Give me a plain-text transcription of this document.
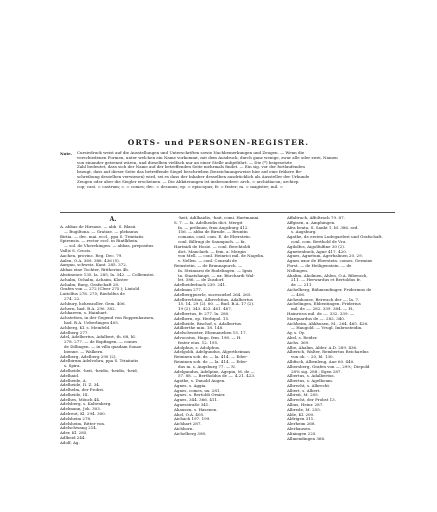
ORTS- und PERSONEN-REGISTER.
Note. Cursivdruck weist auf die Ausstellungen und Unterschriften sowie Nachbemerkungen und Zeugen. — Wenn die
verschiedenen Formen, unter welchen ein Name vorkommt, mit dem Ausdruck, durch ganz wenige, zwar alle oder zwei, Namen
von einander getrennt wären, und dieselben vielfach nur an einer Stelle aufgeführt. — Die (*) beigesetzte
Zahl bedeutet, dass sich der Name auf der betreffenden Seite mehrmals findet. — Ein sig. vor der fortlaufenden
bezugt, dass auf dieser Seite das betreffende Siegel beschrieben (bezeichnungsweise hier auf eine frühere Be-
schreibung desselben verwiesen) wird, sei es dass der Inhaber desselben ausdrücklich als Aussteller der Urkunde
Zeugen oder aber die Siegler erscheinen. — Die Abkürzungen ist insbesondere: arch. = archidiacon; archiep
cop; cast. = castrum; c. = comes; dec. = decanus; ep. = episcopus; fr. = frater; m. = magister; mil. =
A.
A. abbas de Hirsaue. — abb. S. Blasii.
— Bugiltona. — Gratiae. — plebanus
Birtia. — dec. mai. eccl., ppa S. Trinitatis
Spirensis. — rector eccl. in Rintlkhein.
— sol. de Vherehingen. — abbas, prepositus
Vallis S. Crucis.
Aachen, provinc. Reg. Dec. 79.
Aalen, O.A. 369. 388. 436 (5).
Aargau, schweiz. Kant. 285. 372.
Abbas eine Tochter, Rittherius 4b.
Abstinence 135, la. 285, la. 342. — Colbenstei.
Achalm, Ochalm, Achaim, Kloster
Achalm, Burg, Grafschaft 28.
Grafen von — 272 (Cleer 275.); Liutold
Luitolfus 278. 275; Riedolfus de
274. 22.
Achbury, hohenzoller. Gem. 406.
Achern, bad. B.A. 290. 382.
Achkarren, s. Hainhart.
Achstetten, in der Gegend von Roppenhausen,
bad. B.A. Ueberlingen 405.
Achberg, Kl. s. Meinfeld.
Adelberg 277.
Adel, Adelbertus, Adalbert, th. 68, hl.
278. 277. — de Bopfingen. — comes
de Dillingen. — in villa quadam Sonae
bienne. — Walkern.
Adelberg, Adelberg 290 (2).
Adelbirum Adelvohra, ppa S. Trinitatis
s. Spira.
Adelheide, -heit, -heidis, -heidis, -heid,
Adelhaid.
Adelheide, A.
Adelheide, II. Z. 34.
Adelhelm, der Probst.
Adelheide, III.
Adelhes, Mönch 44.
Adelsberg, s. Kaltenberg.
Adelmann, Joh. 303.
Adelreut, Kl. 294. 300.
Adelsheim 278.
Adelsheim, Ritter von.
Adelschwang 214.
Ader, Kl. 285.
Adlheid 244.
Adolf, Ag.
-heit, Adilhaidis, -hait, comi. Hartmanni
S. 7. — fa. Adelheidis dict. Mergit
fa. — pröbnau, frau Augsburg 412.
156. — abba de Birnde. — Bruntin
comana, conl. com. E. de Eberstein.
conl. Billrugi de Sanmpach. — fa.
Hartnidi de Hosie. — conl. Berchtoldi
dict. Manclaeb. — fem. a. Mergin
von Mell. — conl. Heinrici mil. de Nagelin.
v. Nellen. — conl. Conradi de
Reinstetin. — de Brunnapurch. —
fa. Steimarsi de Rudelingen. — Ignis
ta. Staatshaupt. — ux. Bürchardi Wal-
let. 386. — de Zusdorf.
Adelheiderbach 239. 241.
Adelman 277.
Adelbergpuerle, sucessiebel 264. 265.
Adelbrechtius, Albrechtius, Adalbertus
15. 14. 29 (2). 60. — Bud. B.A. 17 (2).
19 (2). 343. 423. 461. 467.
Adelbertus, fr. 277. la. 280.
Adelbern, ep. Herbipol. 15.
Adelheide, Bischof, s. Adalbertus.
Adilberthe min. 18. 148.
Adelschwieter, Ehemaneben 15. 17.
Advocatus, Hugo, fem. 198. — H.
frater eius. 12. 195.
Adolphus, s. Adolphus.
Adelgoldi, Adelgundus, Algertheiman
Reininen sob. dr. — la. 414. — Eder-
Reininen sob. dr. — la. 414. — Eder-
dus m. s. Augsburg 77. — N.
Adelgundus, Adelpine, Agepin, M. de —
57. 88. — Bertholdus de —. 4.21. 423.
Agathe, s. Danold Augen.
Agnes, s. Aggia.
Agnes, comes, ux. 281.
Agnes, s. Bertoldi Ornier.
Agnes, 344. 366. 411.
Agnesstraße 341.
Ahausen, s. Hasenen.
Ahel, O.A. 405.
Aichach 197. 199.
Aichhart 287.
Aichhorn.
Aichelberg 398.
Affaltrach, Affoltrach 79. 87.
Affgisen, a. Amphingen.
Afra beata, S. Sankt 1. bl. 386. sed.
s. Augsburg.
Agathe, de ersten Ludegardest und Grafschaft.
conl. com. Berthold de Vra.
Agilolfos, Aigolfulfine 30 (2).
Agnetenbuck, Agne 417. 420.
Agnes, Agnetum, Agerbalinen 20. 29.
Agnes uxor de Eberstein. comes. Germine
Forst. — de Heiligenstein. — de
Nellingen.
Ahalim, Aholmen, Ahlen, O.A. Biberach,
211. — Herwardus et Bertoldus fr.
de —. 211.
Aichelberg, Bühmendinger, Friderinus de
— 406.
Aichenhouse, Berwach der —, la. 7.
Aichelingen, Ebbentingen, Friderius
mil. de —. 282. 339. 384. — H.,
Hainricus mil. de —. 332. 339. —
Marquardus de —. 282. 340.
Aichheim, Ahkhusen, M., 264. 465. 426.
— Haugold. — Vrugl. Imbrusteidin.
Ay, s. Oy.
Abel, s. Reider.
Aichs. 369.
Albe, Ahalim, Alder. A.D. 289. 436.
Alberich, Walter, Rembertus Reichardus
von ob. -. 20, bl. 130.
Albfisch, Albenleng, Aue 60. 440.
Albersberg, Grafen von —, 299.; Diepold
28% sig. 288.; Egen 287.
Albertus, s. Adalbertus.
Albertus, s. Agelboum.
Albrecht, s. Albrecht.
Albert, s. Albert.
Albreit, M. 205.
Albrecht, der Probst 13.
Albus, Heinr. 287.
Albrede, M. 255.
Alde, Kl. 200.
Aldrigen 311.
Alerheim 268.
Alerhausen.
Aliningen 225.
Allmendingen 366.
